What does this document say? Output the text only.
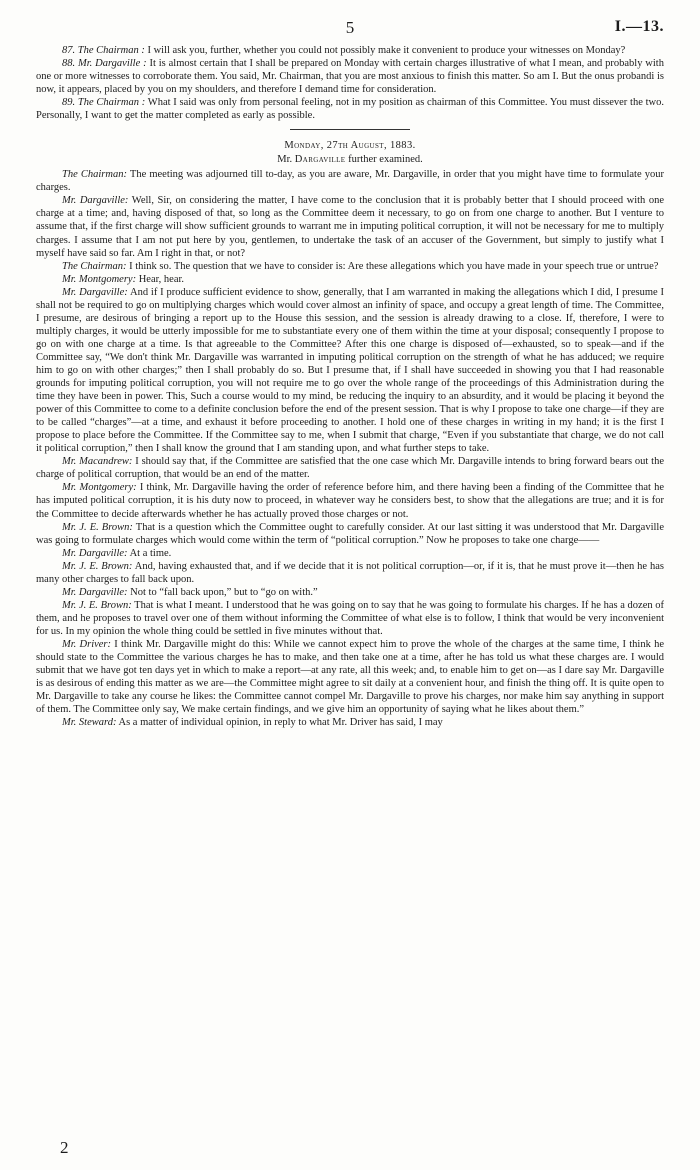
5	I.—13.

87. The Chairman : I will ask you, further, whether you could not possibly make it convenient to produce your witnesses on Monday?

88. Mr. Dargaville : It is almost certain that I shall be prepared on Monday with certain charges illustrative of what I mean, and probably with one or more witnesses to corroborate them. You said, Mr. Chairman, that you are most anxious to finish this matter. So am I. But the onus probandi is now, it appears, placed by you on my shoulders, and therefore I demand time for consideration.

89. The Chairman : What I said was only from personal feeling, not in my position as chairman of this Committee. You must dissever the two. Personally, I want to get the matter completed as early as possible.

Monday, 27th August, 1883.

Mr. Dargaville further examined.

The Chairman: The meeting was adjourned till to-day, as you are aware, Mr. Dargaville, in order that you might have time to formulate your charges.

Mr. Dargaville: Well, Sir, on considering the matter, I have come to the conclusion that it is probably better that I should proceed with one charge at a time; and, having disposed of that, so long as the Committee deem it necessary, to go on from one charge to another. But I venture to assume that, if the first charge will show sufficient grounds to warrant me in imputing political corruption, it will not be necessary for me to multiply charges. I assume that I am not put here by you, gentlemen, to undertake the task of an accuser of the Government, but simply to justify what I myself have said so far. Am I right in that, or not?

The Chairman: I think so. The question that we have to consider is: Are these allegations which you have made in your speech true or untrue?

Mr. Montgomery: Hear, hear.

Mr. Dargaville: And if I produce sufficient evidence to show, generally, that I am warranted in making the allegations which I did, I presume I shall not be required to go on multiplying charges which would cover almost an infinity of space, and occupy a great length of time. The Committee, I presume, are desirous of bringing a report up to the House this session, and the session is already drawing to a close. If, therefore, I were to multiply charges, it would be utterly impossible for me to substantiate every one of them within the time at your disposal; consequently I propose to go on with one charge at a time. Is that agreeable to the Committee? After this one charge is disposed of—exhausted, so to speak—and if the Committee say, “We don't think Mr. Dargaville was warranted in imputing political corruption on the strength of what he has adduced; we require him to go on with other charges;” then I shall probably do so. But I presume that, if I shall have succeeded in showing you that I had reasonable grounds for imputing political corruption, you will not require me to go over the whole range of the proceedings of this Administration during the time they have been in power. This, Such a course would to my mind, be reducing the inquiry to an absurdity, and it would be placing it beyond the power of this Committee to come to a definite conclusion before the end of the present session. That is why I propose to take one charge—if they are to be called “charges”—at a time, and exhaust it before proceeding to another. I hold one of these charges in writing in my hand; it is the first I propose to place before the Committee. If the Committee say to me, when I submit that charge, “Even if you substantiate that charge, we do not call it political corruption,” then I shall know the ground that I am standing upon, and what further steps to take.

Mr. Macandrew: I should say that, if the Committee are satisfied that the one case which Mr. Dargaville intends to bring forward bears out the charge of political corruption, that would be an end of the matter.

Mr. Montgomery: I think, Mr. Dargaville having the order of reference before him, and there having been a finding of the Committee that he has imputed political corruption, it is his duty now to proceed, in whatever way he considers best, to show that the allegations are true; and it is for the Committee to decide afterwards whether he has actually proved those charges or not.

Mr. J. E. Brown: That is a question which the Committee ought to carefully consider. At our last sitting it was understood that Mr. Dargaville was going to formulate charges which would come within the term of “political corruption.” Now he proposes to take one charge——

Mr. Dargaville: At a time.

Mr. J. E. Brown: And, having exhausted that, and if we decide that it is not political corruption—or, if it is, that he must prove it—then he has many other charges to fall back upon.

Mr. Dargaville: Not to “fall back upon,” but to “go on with.”

Mr. J. E. Brown: That is what I meant. I understood that he was going on to say that he was going to formulate his charges. If he has a dozen of them, and he proposes to travel over one of them without informing the Committee of what else is to follow, I think that would be very inconvenient for us. In my opinion the whole thing could be settled in five minutes without that.

Mr. Driver: I think Mr. Dargaville might do this: While we cannot expect him to prove the whole of the charges at the same time, I think he should state to the Committee the various charges he has to make, and then take one at a time, after he has told us what these charges are. I would submit that we have got ten days yet in which to make a report—at any rate, all this week; and, to enable him to get on—as I dare say Mr. Dargaville is as desirous of ending this matter as we are—the Committee might agree to sit daily at a convenient hour, and finish the thing off. It is quite open to Mr. Dargaville to take any course he likes: the Committee cannot compel Mr. Dargaville to prove his charges, nor make him say anything in support of them. The Committee only say, We make certain findings, and we give him an opportunity of saying what he likes about them.”

Mr. Steward: As a matter of individual opinion, in reply to what Mr. Driver has said, I may

2
